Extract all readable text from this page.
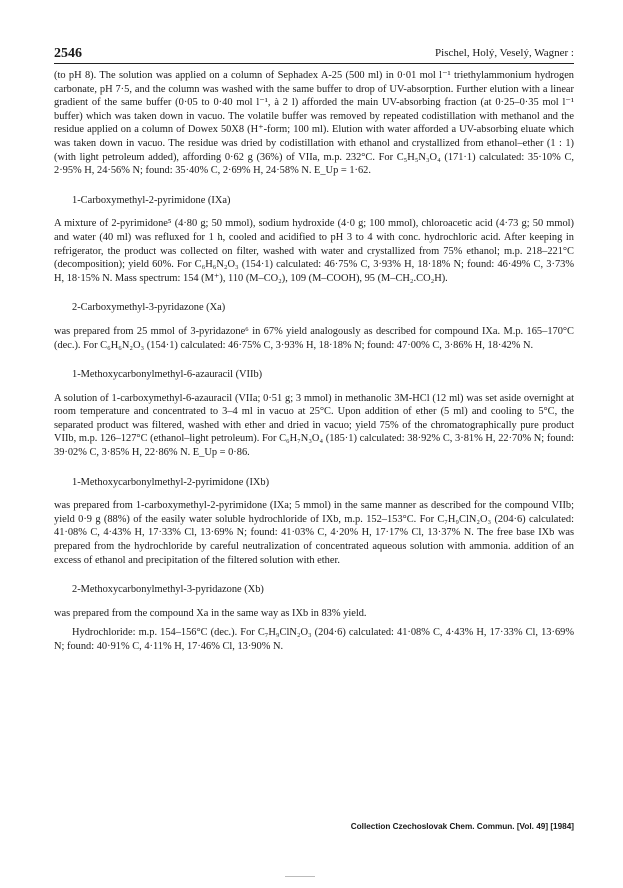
2546	Pischel, Holý, Veselý, Wagner :

(to pH 8). The solution was applied on a column of Sephadex A-25 (500 ml) in 0·01 mol l⁻¹ triethylammonium hydrogen carbonate, pH 7·5, and the column was washed with the same buffer to drop of UV-absorption. Further elution with a linear gradient of the same buffer (0·05 to 0·40 mol l⁻¹, à 2 l) afforded the main UV-absorbing fraction (at 0·25–0·35 mol l⁻¹ buffer) which was taken down in vacuo. The volatile buffer was removed by repeated codistillation with methanol and the residue applied on a column of Dowex 50X8 (H⁺-form; 100 ml). Elution with water afforded a UV-absorbing eluate which was taken down in vacuo. The residue was dried by codistillation with ethanol and crystallized from ethanol–ether (1 : 1) (with light petroleum added), affording 0·62 g (36%) of VIIa, m.p. 232°C. For C₅H₅N₃O₄ (171·1) calculated: 35·10% C, 2·95% H, 24·56% N; found: 35·40% C, 2·69% H, 24·58% N. E_Up = 1·62.

1-Carboxymethyl-2-pyrimidone (IXa)

A mixture of 2-pyrimidone⁵ (4·80 g; 50 mmol), sodium hydroxide (4·0 g; 100 mmol), chloroacetic acid (4·73 g; 50 mmol) and water (40 ml) was refluxed for 1 h, cooled and acidified to pH 3 to 4 with conc. hydrochloric acid. After keeping in refrigerator, the product was collected on filter, washed with water and crystallized from 75% ethanol; m.p. 218–221°C (decomposition); yield 60%. For C₆H₆N₂O₃ (154·1) calculated: 46·75% C, 3·93% H, 18·18% N; found: 46·49% C, 3·73% H, 18·15% N. Mass spectrum: 154 (M⁺), 110 (M–CO₂), 109 (M–COOH), 95 (M–CH₂.CO₂H).

2-Carboxymethyl-3-pyridazone (Xa)

was prepared from 25 mmol of 3-pyridazone⁶ in 67% yield analogously as described for compound IXa. M.p. 165–170°C (dec.). For C₆H₆N₂O₃ (154·1) calculated: 46·75% C, 3·93% H, 18·18% N; found: 47·00% C, 3·86% H, 18·42% N.

1-Methoxycarbonylmethyl-6-azauracil (VIIb)

A solution of 1-carboxymethyl-6-azauracil (VIIa; 0·51 g; 3 mmol) in methanolic 3M-HCl (12 ml) was set aside overnight at room temperature and concentrated to 3–4 ml in vacuo at 25°C. Upon addition of ether (5 ml) and cooling to 5°C, the separated product was filtered, washed with ether and dried in vacuo; yield 75% of the chromatographically pure product VIIb, m.p. 126–127°C (ethanol–light petroleum). For C₆H₇N₃O₄ (185·1) calculated: 38·92% C, 3·81% H, 22·70% N; found: 39·02% C, 3·85% H, 22·86% N. E_Up = 0·86.

1-Methoxycarbonylmethyl-2-pyrimidone (IXb)

was prepared from 1-carboxymethyl-2-pyrimidone (IXa; 5 mmol) in the same manner as described for the compound VIIb; yield 0·9 g (88%) of the easily water soluble hydrochloride of IXb, m.p. 152–153°C. For C₇H₉ClN₂O₃ (204·6) calculated: 41·08% C, 4·43% H, 17·33% Cl, 13·69% N; found: 41·03% C, 4·20% H, 17·17% Cl, 13·37% N. The free base IXb was prepared from the hydrochloride by careful neutralization of concentrated aqueous solution with ammonia. addition of an excess of ethanol and precipitation of the filtered solution with ether.

2-Methoxycarbonylmethyl-3-pyridazone (Xb)

was prepared from the compound Xa in the same way as IXb in 83% yield.

Hydrochloride: m.p. 154–156°C (dec.). For C₇H₉ClN₂O₃ (204·6) calculated: 41·08% C, 4·43% H, 17·33% Cl, 13·69% N; found: 40·91% C, 4·11% H, 17·46% Cl, 13·90% N.

Collection Czechoslovak Chem. Commun. [Vol. 49] [1984]
